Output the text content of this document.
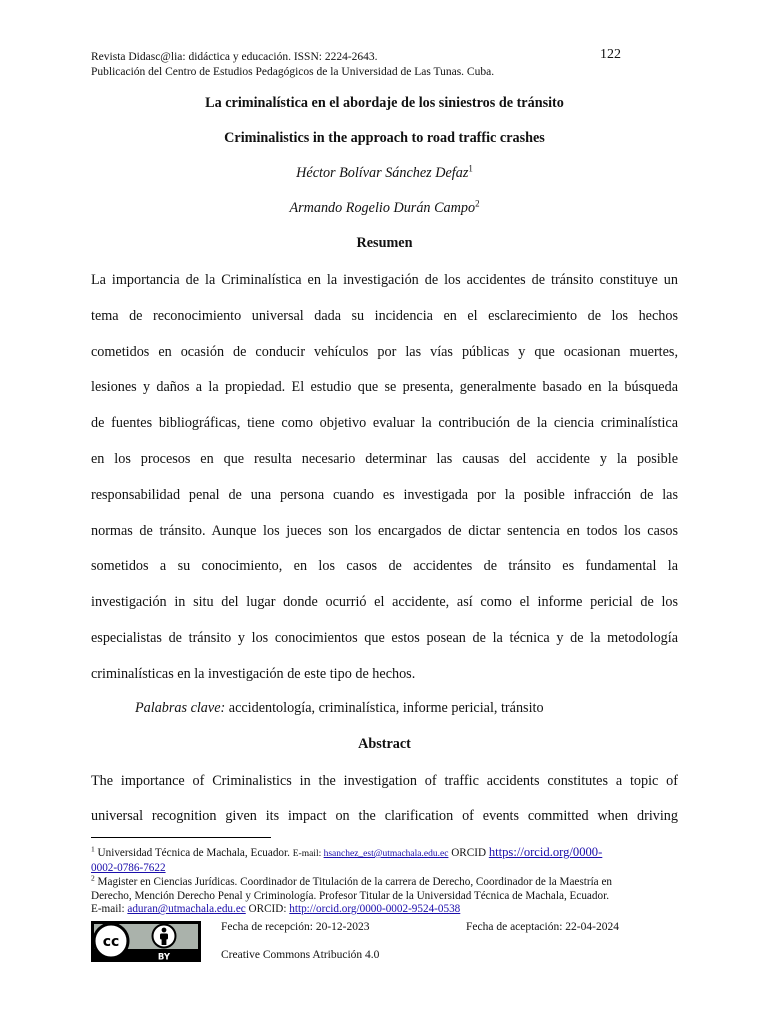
Revista Didasc@lia: didáctica y educación. ISSN: 2224-2643.
Publicación del Centro de Estudios Pedagógicos de la Universidad de Las Tunas. Cuba.
122
La criminalística en el abordaje de los siniestros de tránsito
Criminalistics in the approach to road traffic crashes
Héctor Bolívar Sánchez Defaz$^1$
Armando Rogelio Durán Campo$^2$
Resumen
La importancia de la Criminalística en la investigación de los accidentes de tránsito constituye un
tema de reconocimiento universal dada su incidencia en el esclarecimiento de los hechos
cometidos en ocasión de conducir vehículos por las vías públicas y que ocasionan muertes,
lesiones y daños a la propiedad. El estudio que se presenta, generalmente basado en la búsqueda
de fuentes bibliográficas, tiene como objetivo evaluar la contribución de la ciencia criminalística
en los procesos en que resulta necesario determinar las causas del accidente y la posible
responsabilidad penal de una persona cuando es investigada por la posible infracción de las
normas de tránsito. Aunque los jueces son los encargados de dictar sentencia en todos los casos
sometidos a su conocimiento, en los casos de accidentes de tránsito es fundamental la
investigación in situ del lugar donde ocurrió el accidente, así como el informe pericial de los
especialistas de tránsito y los conocimientos que estos posean de la técnica y de la metodología
criminalísticas en la investigación de este tipo de hechos.
Palabras clave: accidentología, criminalística, informe pericial, tránsito
Abstract
The importance of Criminalistics in the investigation of traffic accidents constitutes a topic of
universal recognition given its impact on the clarification of events committed when driving
$^1$ Universidad Técnica de Machala, Ecuador. E-mail: hsanchez_est@utmachala.edu.ec ORCID https://orcid.org/0000-
0002-0786-7622
$^2$ Magister en Ciencias Jurídicas. Coordinador de Titulación de la carrera de Derecho, Coordinador de la Maestría en
Derecho, Mención Derecho Penal y Criminología. Profesor Titular de la Universidad Técnica de Machala, Ecuador.
E-mail: aduran@utmachala.edu.ec ORCID: http://orcid.org/0000-0002-9524-0538
cc
BY
Fecha de recepción: 20-12-2023	Fecha de aceptación: 22-04-2024
Creative Commons Atribución 4.0
